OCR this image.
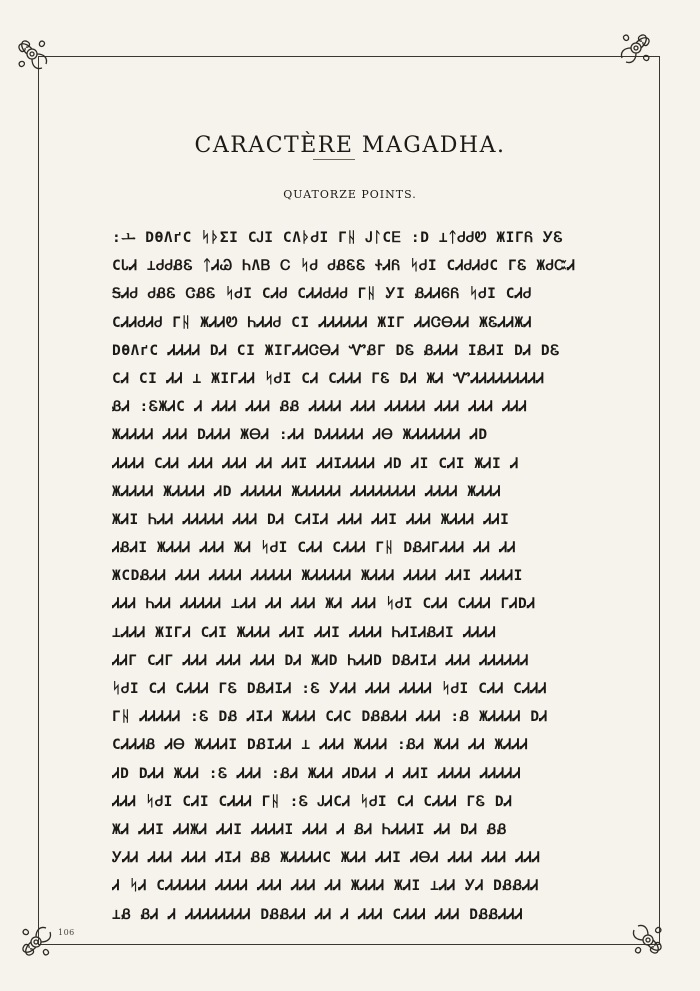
106
CARACTÈRE MAGADHA.
QUATORZE POINTS.
:ㅗ DƟɅґC ᛋᚦΣI CᎫI CɅᚦᏧI Γᚺ ᎫᛚCᎬ :D ⊥ᛏᏧᏧᏬ ЖIΓᏲ ᎩᏋ
CᏓᏗ ⊥ᏧᏧᏰᏋ ᛏᏗᏊ ᏂɅᏴ Ꮯ ᛋᏧ ᏧᏰᏋᏋ ᏐᏗᏲ ᛋᏧI CᏗᏧᏗᏧC ΓᏋ ЖᏧᏨᏗ
ᎦᏗᏧ ᏧᏰᏋ ᏣᏰᏋ ᛋᏧI CᏗᏧ CᏗᏗᏧᏗᏧ Γᚺ ᎩI ᏰᏗᏗᏮᏲ ᛋᏧI CᏗᏧ
CᏗᏗᏧᏗᏧ Γᚺ ЖᏗᏗᏬ ᏂᏗᏗᏧ CI ᏗᏗᏗᏗᏗᏗ ЖIΓ ᏗᏗᏣᎾᏗᏗ ЖᏋᏗᏗЖᏗ
DƟɅґC ᏗᏗᏗᏗ DᏗ CI ЖIΓᏗᏗᏣᎾᏗ ᏉᏰΓ DᏋ ᏰᏗᏗᏗ IᏰᏗI DᏗ DᏋ
CᏗ CI ᏗᏗ ⊥ ЖIΓᏗᏗ ᛋᏧI CᏗ CᏗᏗᏗ ΓᏋ DᏗ ЖᏗ ᏉᏗᏗᏗᏗᏗᏗᏗᏗᏗ
ᏰᏗ :ᏋЖᏗC Ꮧ ᏗᏗᏗ ᏗᏗᏗ ᏰᏰ ᏗᏗᏗᏗ ᏗᏗᏗ ᏗᏗᏗᏗᏗ ᏗᏗᏗ ᏗᏗᏗ ᏗᏗᏗ
ЖᏗᏗᏗᏗ ᏗᏗᏗ DᏗᏗᏗ ЖᎾᏗ :ᏗᏗ DᏗᏗᏗᏗᏗ ᏗᎾ ЖᏗᏗᏗᏗᏗᏗ ᏗD
ᏗᏗᏗᏗ CᏗᏗ ᏗᏗᏗ ᏗᏗᏗ ᏗᏗ ᏗᏗI ᏗᏗIᏗᏗᏗᏗ ᏗD ᏗI CᏗI ЖᏗI Ꮧ
ЖᏗᏗᏗᏗ ЖᏗᏗᏗᏗ ᏗD ᏗᏗᏗᏗᏗ ЖᏗᏗᏗᏗᏗ ᏗᏗᏗᏗᏗᏗᏗᏗ ᏗᏗᏗᏗ ЖᏗᏗᏗ
ЖᏗI ᏂᏗᏗ ᏗᏗᏗᏗᏗ ᏗᏗᏗ DᏗ CᏗIᏗ ᏗᏗᏗ ᏗᏗI ᏗᏗᏗ ЖᏗᏗᏗ ᏗᏗI
ᏗᏰᏗI ЖᏗᏗᏗ ᏗᏗᏗ ЖᏗ ᛋᏧI CᏗᏗ CᏗᏗᏗ Γᚺ DᏰᏗΓᏗᏗᏗ ᏗᏗ ᏗᏗ
ЖCDᏰᏗᏗ ᏗᏗᏗ ᏗᏗᏗᏗ ᏗᏗᏗᏗᏗ ЖᏗᏗᏗᏗᏗ ЖᏗᏗᏗ ᏗᏗᏗᏗ ᏗᏗI ᏗᏗᏗᏗI
ᏗᏗᏗ ᏂᏗᏗ ᏗᏗᏗᏗᏗ ⊥ᏗᏗ ᏗᏗ ᏗᏗᏗ ЖᏗ ᏗᏗᏗ ᛋᏧI CᏗᏗ CᏗᏗᏗ ΓᏗDᏗ
⊥ᏗᏗᏗ ЖIΓᏗ CᏗI ЖᏗᏗᏗ ᏗᏗI ᏗᏗI ᏗᏗᏗᏗ ᏂᏗIᏗᏰᏗI ᏗᏗᏗᏗ
ᏗᏗΓ CᏗΓ ᏗᏗᏗ ᏗᏗᏗ ᏗᏗᏗ DᏗ ЖᏗD ᏂᏗᏗD DᏰᏗIᏗ ᏗᏗᏗ ᏗᏗᏗᏗᏗᏗ
ᛋᏧI CᏗ CᏗᏗᏗ ΓᏋ DᏰᏗIᏗ :Ꮛ ᎩᏗᏗ ᏗᏗᏗ ᏗᏗᏗᏗ ᛋᏧI CᏗᏗ CᏗᏗᏗ
Γᚺ ᏗᏗᏗᏗᏗ :Ꮛ DᏰ ᏗIᏗ ЖᏗᏗᏗ CᏗC DᏰᏰᏗᏗ ᏗᏗᏗ :Ᏸ ЖᏗᏗᏗᏗ DᏗ
CᏗᏗᏗᏰ ᏗᎾ ЖᏗᏗᏗI DᏰIᏗᏗ ⊥ ᏗᏗᏗ ЖᏗᏗᏗ :ᏰᏗ ЖᏗᏗ ᏗᏗ ЖᏗᏗᏗ
ᏗD DᏗᏗ ЖᏗᏗ :Ꮛ ᏗᏗᏗ :ᏰᏗ ЖᏗᏗ ᏗDᏗᏗ Ꮧ ᏗᏗI ᏗᏗᏗᏗ ᏗᏗᏗᏗᏗ
ᏗᏗᏗ ᛋᏧI CᏗI CᏗᏗᏗ Γᚺ :Ꮛ ᎫᏗCᏗ ᛋᏧI CᏗ CᏗᏗᏗ ΓᏋ DᏗ
ЖᏗ ᏗᏗI ᏗᏗЖᏗ ᏗᏗI ᏗᏗᏗᏗI ᏗᏗᏗ Ꮧ ᏰᏗ ᏂᏗᏗᏗI ᏗᏗ DᏗ ᏰᏰ
ᎩᏗᏗ ᏗᏗᏗ ᏗᏗᏗ ᏗIᏗ ᏰᏰ ЖᏗᏗᏗᏗC ЖᏗᏗ ᏗᏗI ᏗᎾᏗ ᏗᏗᏗ ᏗᏗᏗ ᏗᏗᏗ
Ꮧ ᛋᏗ CᏗᏗᏗᏗᏗ ᏗᏗᏗᏗ ᏗᏗᏗ ᏗᏗᏗ ᏗᏗ ЖᏗᏗᏗ ЖᏗI ⊥ᏗᏗ ᎩᏗ DᏰᏰᏗᏗ
⊥Ᏸ ᏰᏗ Ꮧ ᏗᏗᏗᏗᏗᏗᏗᏗ DᏰᏰᏗᏗ ᏗᏗ Ꮧ ᏗᏗᏗ CᏗᏗᏗ ᏗᏗᏗ DᏰᏰᏗᏗᏗ
